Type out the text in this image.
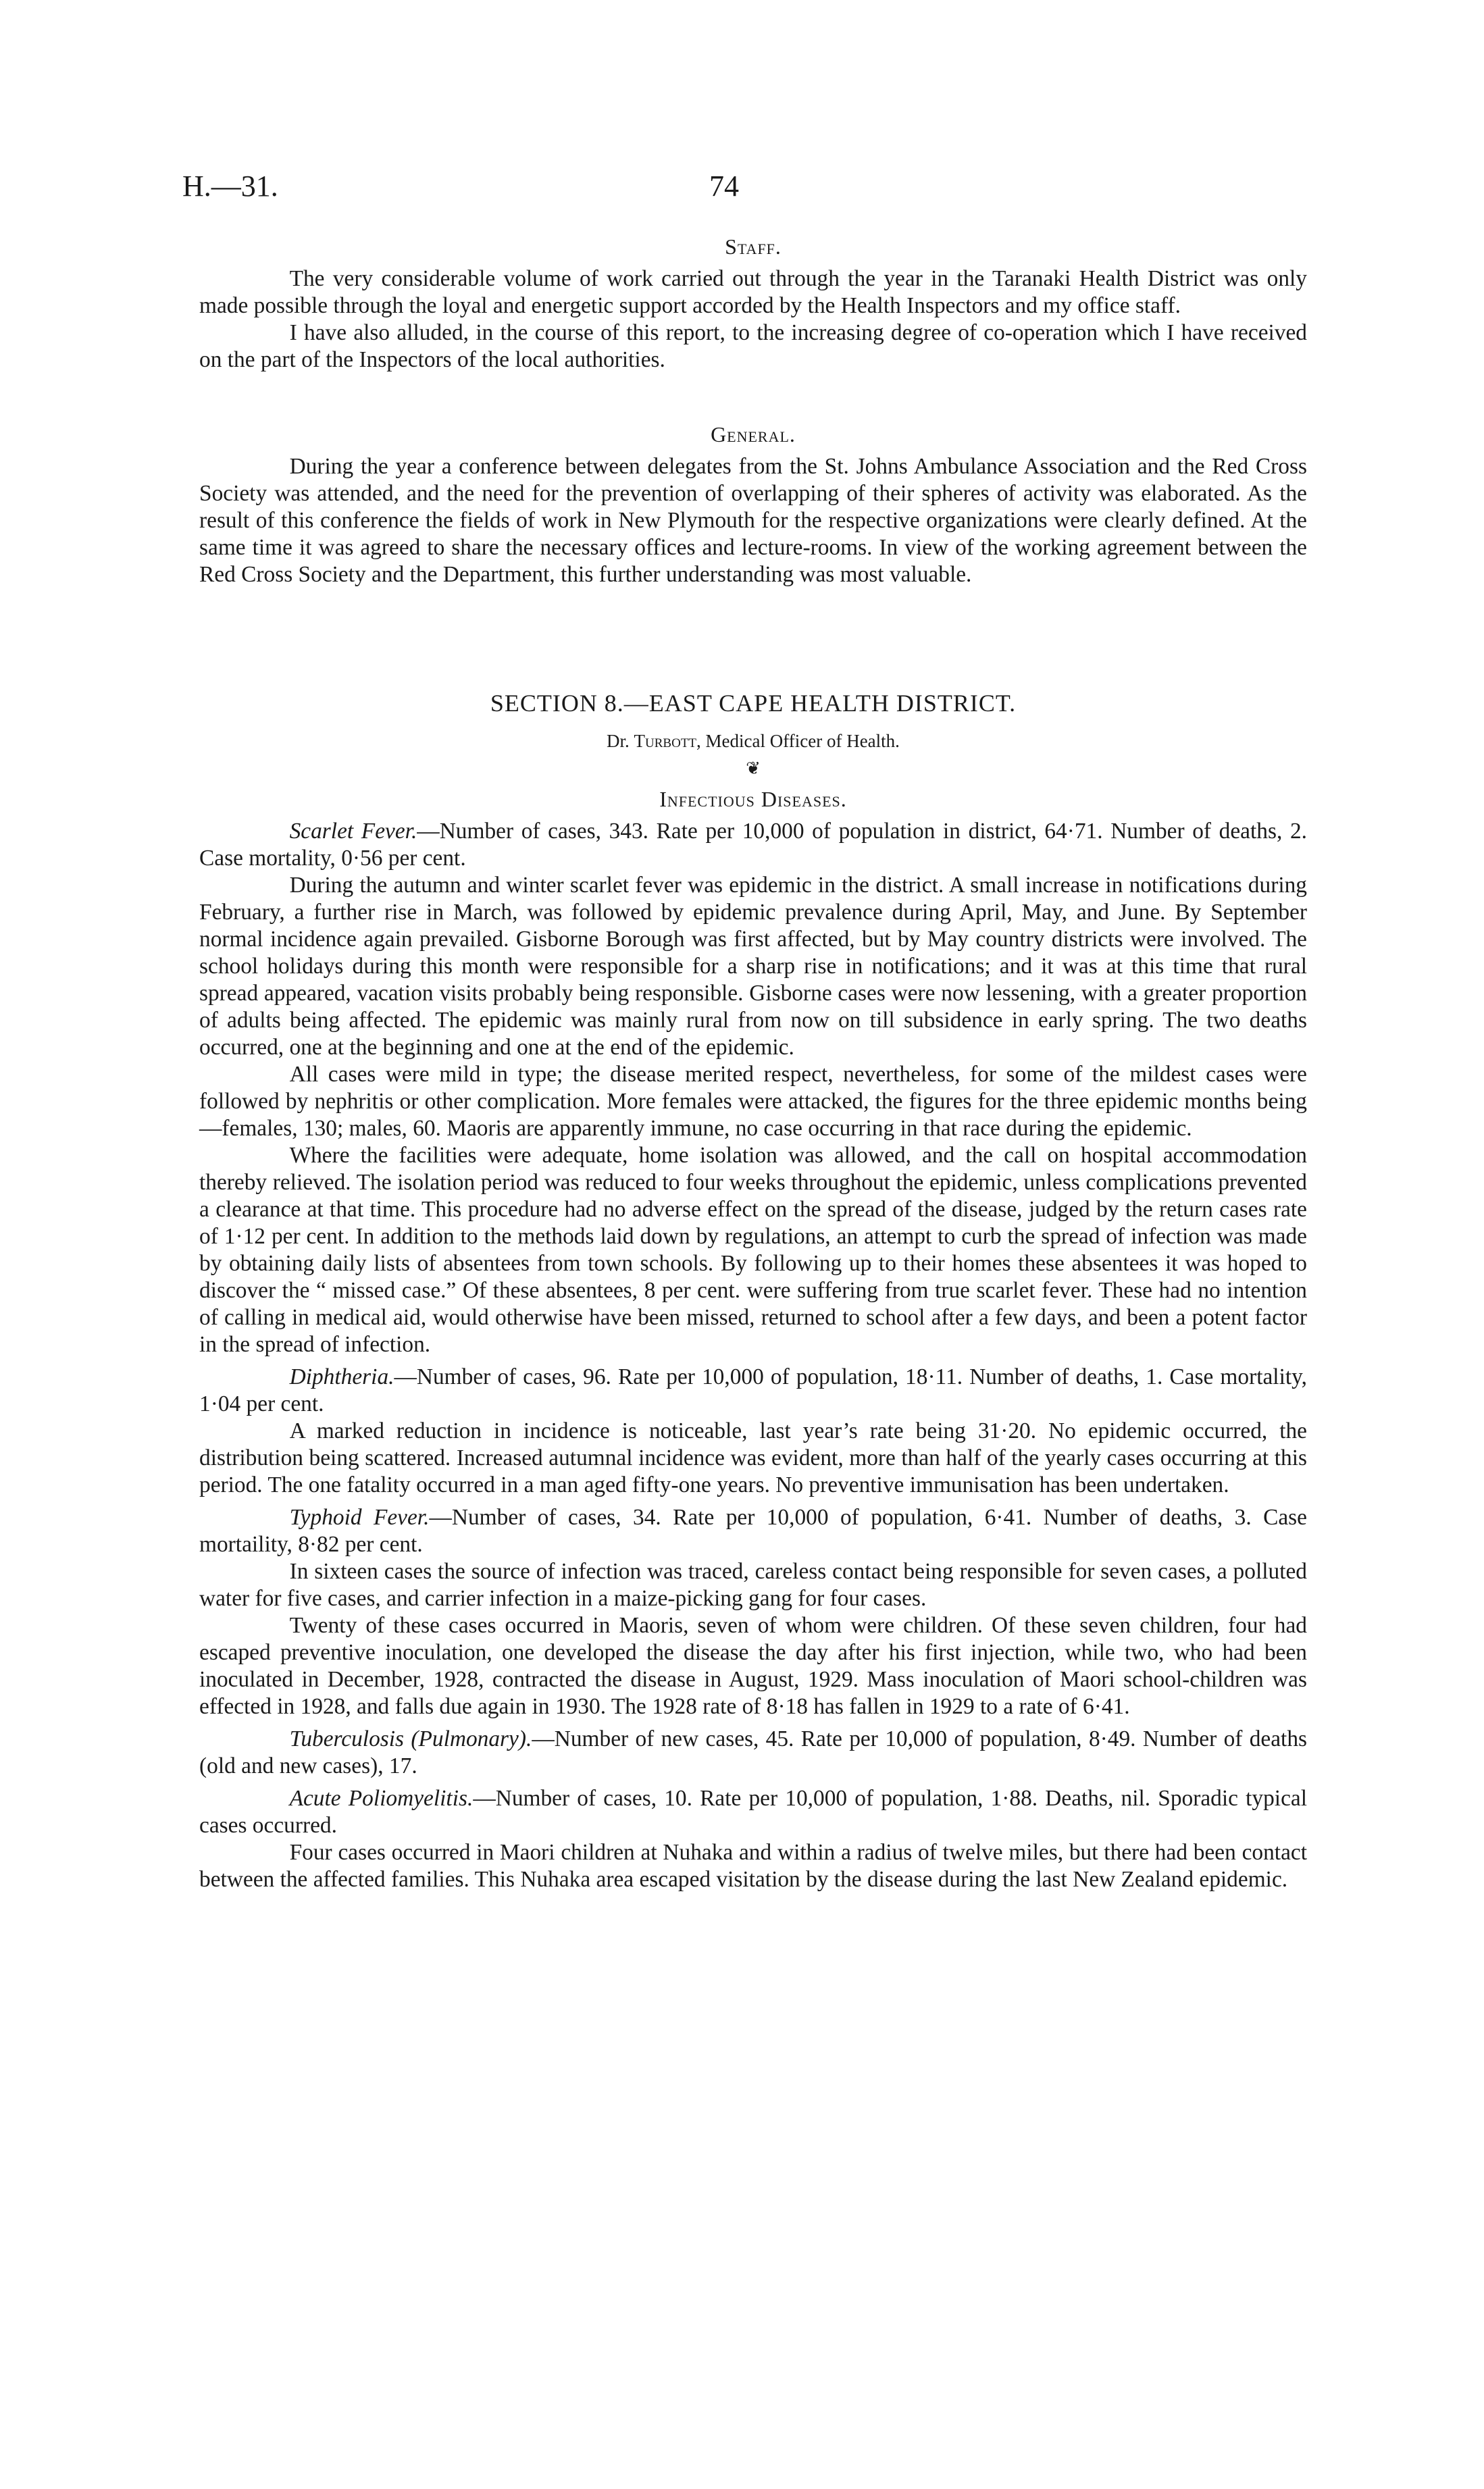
H.—31.	74
Staff.

The very considerable volume of work carried out through the year in the Taranaki Health District was only made possible through the loyal and energetic support accorded by the Health Inspectors and my office staff.

I have also alluded, in the course of this report, to the increasing degree of co-operation which I have received on the part of the Inspectors of the local authorities.

General.

During the year a conference between delegates from the St. Johns Ambulance Association and the Red Cross Society was attended, and the need for the prevention of overlapping of their spheres of activity was elaborated. As the result of this conference the fields of work in New Plymouth for the respective organizations were clearly defined. At the same time it was agreed to share the necessary offices and lecture-rooms. In view of the working agreement between the Red Cross Society and the Department, this further understanding was most valuable.

SECTION 8.—EAST CAPE HEALTH DISTRICT.
Dr. Turbott, Medical Officer of Health.
❦
Infectious Diseases.

Scarlet Fever.—Number of cases, 343. Rate per 10,000 of population in district, 64·71. Number of deaths, 2. Case mortality, 0·56 per cent.

During the autumn and winter scarlet fever was epidemic in the district. A small increase in notifications during February, a further rise in March, was followed by epidemic prevalence during April, May, and June. By September normal incidence again prevailed. Gisborne Borough was first affected, but by May country districts were involved. The school holidays during this month were responsible for a sharp rise in notifications; and it was at this time that rural spread appeared, vacation visits probably being responsible. Gisborne cases were now lessening, with a greater proportion of adults being affected. The epidemic was mainly rural from now on till subsidence in early spring. The two deaths occurred, one at the beginning and one at the end of the epidemic.

All cases were mild in type; the disease merited respect, nevertheless, for some of the mildest cases were followed by nephritis or other complication. More females were attacked, the figures for the three epidemic months being—females, 130; males, 60. Maoris are apparently immune, no case occurring in that race during the epidemic.

Where the facilities were adequate, home isolation was allowed, and the call on hospital accommodation thereby relieved. The isolation period was reduced to four weeks throughout the epidemic, unless complications prevented a clearance at that time. This procedure had no adverse effect on the spread of the disease, judged by the return cases rate of 1·12 per cent. In addition to the methods laid down by regulations, an attempt to curb the spread of infection was made by obtaining daily lists of absentees from town schools. By following up to their homes these absentees it was hoped to discover the “ missed case.” Of these absentees, 8 per cent. were suffering from true scarlet fever. These had no intention of calling in medical aid, would otherwise have been missed, returned to school after a few days, and been a potent factor in the spread of infection.

Diphtheria.—Number of cases, 96. Rate per 10,000 of population, 18·11. Number of deaths, 1. Case mortality, 1·04 per cent.

A marked reduction in incidence is noticeable, last year’s rate being 31·20. No epidemic occurred, the distribution being scattered. Increased autumnal incidence was evident, more than half of the yearly cases occurring at this period. The one fatality occurred in a man aged fifty-one years. No preventive immunisation has been undertaken.

Typhoid Fever.—Number of cases, 34. Rate per 10,000 of population, 6·41. Number of deaths, 3. Case mortaility, 8·82 per cent.

In sixteen cases the source of infection was traced, careless contact being responsible for seven cases, a polluted water for five cases, and carrier infection in a maize-picking gang for four cases.

Twenty of these cases occurred in Maoris, seven of whom were children. Of these seven children, four had escaped preventive inoculation, one developed the disease the day after his first injection, while two, who had been inoculated in December, 1928, contracted the disease in August, 1929. Mass inoculation of Maori school-children was effected in 1928, and falls due again in 1930. The 1928 rate of 8·18 has fallen in 1929 to a rate of 6·41.

Tuberculosis (Pulmonary).—Number of new cases, 45. Rate per 10,000 of population, 8·49. Number of deaths (old and new cases), 17.

Acute Poliomyelitis.—Number of cases, 10. Rate per 10,000 of population, 1·88. Deaths, nil. Sporadic typical cases occurred.

Four cases occurred in Maori children at Nuhaka and within a radius of twelve miles, but there had been contact between the affected families. This Nuhaka area escaped visitation by the disease during the last New Zealand epidemic.
